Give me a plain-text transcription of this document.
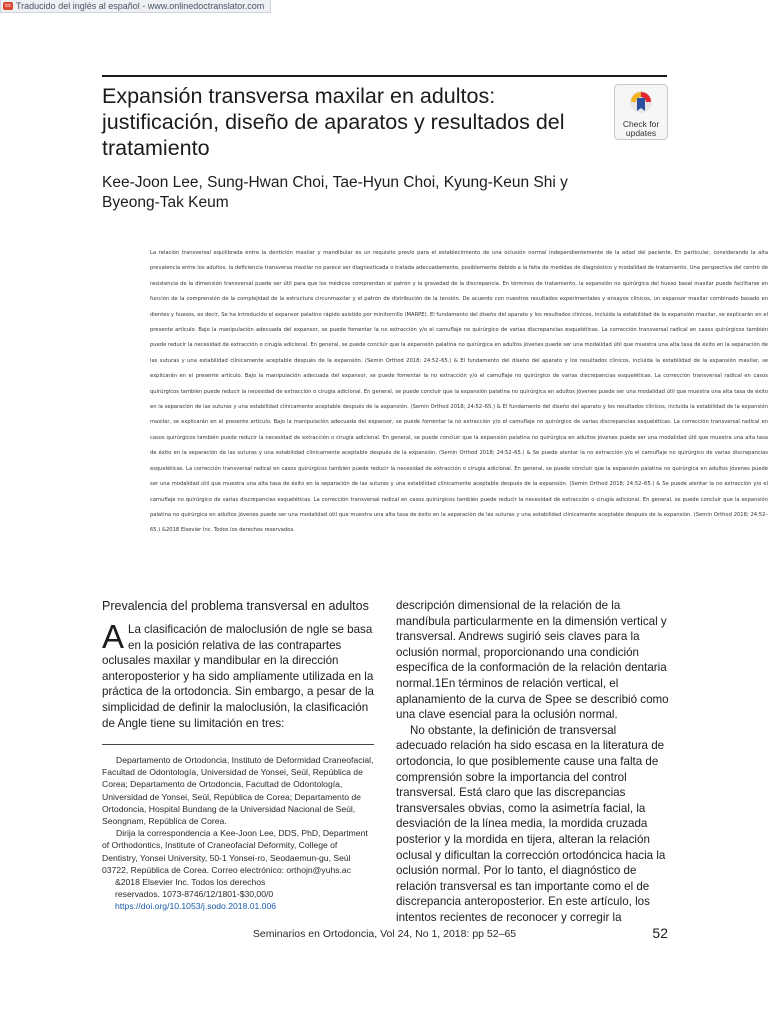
▭ Traducido del inglés al español - www.onlinedoctranslator.com
Expansión transversa maxilar en adultos: justificación, diseño de aparatos y resultados del tratamiento
Check for
updates
Kee-Joon Lee, Sung-Hwan Choi, Tae-Hyun Choi, Kyung-Keun Shi y Byeong-Tak Keum

La relación transversal equilibrada entre la dentición maxilar y mandibular es un requisito previo para el establecimiento de una oclusión normal independientemente de la edad del paciente. En particular, considerando la alta prevalencia entre los adultos, la deficiencia transversa maxilar no parece ser diagnosticada o tratada adecuadamente, posiblemente debido a la falta de medidas de diagnóstico y modalidad de tratamiento. Una perspectiva del centro de resistencia de la dimensión transversal puede ser útil para que los médicos comprendan el patrón y la gravedad de la discrepancia. En términos de tratamiento, la expansión no quirúrgica del hueso basal maxilar puede facilitarse en función de la comprensión de la complejidad de la estructura circunmaxilar y el patrón de distribución de la tensión. De acuerdo con nuestros resultados experimentales y ensayos clínicos, un expansor maxilar combinado basado en dientes y huesos, es decir, Se ha introducido el expansor palatino rápido asistido por minitornillo (MARPE). El fundamento del diseño del aparato y los resultados clínicos, incluida la estabilidad de la expansión maxilar, se explicarán en el presente artículo. Bajo la manipulación adecuada del expansor, se puede fomentar la no extracción y/o el camuflaje no quirúrgico de varias discrepancias esqueléticas. La corrección transversal radical en casos quirúrgicos también puede reducir la necesidad de extracción o cirugía adicional. En general, se puede concluir que la expansión palatina no quirúrgica en adultos jóvenes puede ser una modalidad útil que muestra una alta tasa de éxito en la separación de las suturas y una estabilidad clínicamente aceptable después de la expansión. (Semin Orthod 2018; 24:52–65.) & El fundamento del diseño del aparato y los resultados clínicos, incluida la estabilidad de la expansión maxilar, se explicarán en el presente artículo. Bajo la manipulación adecuada del expansor, se puede fomentar la no extracción y/o el camuflaje no quirúrgico de varias discrepancias esqueléticas. La corrección transversal radical en casos quirúrgicos también puede reducir la necesidad de extracción o cirugía adicional. En general, se puede concluir que la expansión palatina no quirúrgica en adultos jóvenes puede ser una modalidad útil que muestra una alta tasa de éxito en la separación de las suturas y una estabilidad clínicamente aceptable después de la expansión. (Semin Orthod 2018; 24:52–65.) & El fundamento del diseño del aparato y los resultados clínicos, incluida la estabilidad de la expansión maxilar, se explicarán en el presente artículo. Bajo la manipulación adecuada del expansor, se puede fomentar la no extracción y/o el camuflaje no quirúrgico de varias discrepancias esqueléticas. La corrección transversal radical en casos quirúrgicos también puede reducir la necesidad de extracción o cirugía adicional. En general, se puede concluir que la expansión palatina no quirúrgica en adultos jóvenes puede ser una modalidad útil que muestra una alta tasa de éxito en la separación de las suturas y una estabilidad clínicamente aceptable después de la expansión. (Semin Orthod 2018; 24:52–65.) & Se puede alentar la no extracción y/o el camuflaje no quirúrgico de varias discrepancias esqueléticas. La corrección transversal radical en casos quirúrgicos también puede reducir la necesidad de extracción o cirugía adicional. En general, se puede concluir que la expansión palatina no quirúrgica en adultos jóvenes puede ser una modalidad útil que muestra una alta tasa de éxito en la separación de las suturas y una estabilidad clínicamente aceptable después de la expansión. (Semin Orthod 2018; 24:52–65.) & Se puede alentar la no extracción y/o el camuflaje no quirúrgico de varias discrepancias esqueléticas. La corrección transversal radical en casos quirúrgicos también puede reducir la necesidad de extracción o cirugía adicional. En general, se puede concluir que la expansión palatina no quirúrgica en adultos jóvenes puede ser una modalidad útil que muestra una alta tasa de éxito en la separación de las suturas y una estabilidad clínicamente aceptable después de la expansión. (Semin Orthod 2018; 24:52–65.) &2018 Elsevier Inc. Todos los derechos reservados.

Prevalencia del problema transversal en adultos

A La clasificación de maloclusión de ngle se basa en la posición relativa de las contrapartes oclusales maxilar y mandibular en la dirección anteroposterior y ha sido ampliamente utilizada en la práctica de la ortodoncia. Sin embargo, a pesar de la simplicidad de definir la maloclusión, la clasificación de Angle tiene su limitación en tres:

Departamento de Ortodoncia, Instituto de Deformidad Craneofacial, Facultad de Odontología, Universidad de Yonsei, Seúl, República de Corea; Departamento de Ortodoncia, Facultad de Odontología, Universidad de Yonsei, Seúl, República de Corea; Departamento de Ortodoncia, Hospital Bundang de la Universidad Nacional de Seúl, Seongnam, República de Corea.

Dirija la correspondencia a Kee-Joon Lee, DDS, PhD, Department of Orthodontics, Institute of Craneofacial Deformity, College of Dentistry, Yonsei University, 50-1 Yonsei-ro, Seodaemun-gu, Seúl 03722, República de Corea. Correo electrónico: orthojn@yuhs.ac

&2018 Elsevier Inc. Todos los derechos

reservados. 1073-8746/12/1801-$30,00/0

https://doi.org/10.1053/j.sodo.2018.01.006

descripción dimensional de la relación de la mandíbula particularmente en la dimensión vertical y transversal. Andrews sugirió seis claves para la oclusión normal, proporcionando una condición específica de la conformación de la relación dentaria normal.1En términos de relación vertical, el aplanamiento de la curva de Spee se describió como una clave esencial para la oclusión normal.

No obstante, la definición de transversal adecuado relación ha sido escasa en la literatura de ortodoncia, lo que posiblemente cause una falta de comprensión sobre la importancia del control transversal. Está claro que las discrepancias transversales obvias, como la asimetría facial, la desviación de la línea media, la mordida cruzada posterior y la mordida en tijera, alteran la relación oclusal y dificultan la corrección ortodóncica hacia la oclusión normal. Por lo tanto, el diagnóstico de relación transversal es tan importante como el de discrepancia anteroposterior. En este artículo, los intentos recientes de reconocer y corregir la

Seminarios en Ortodoncia, Vol 24, No 1, 2018: pp 52–65	52
